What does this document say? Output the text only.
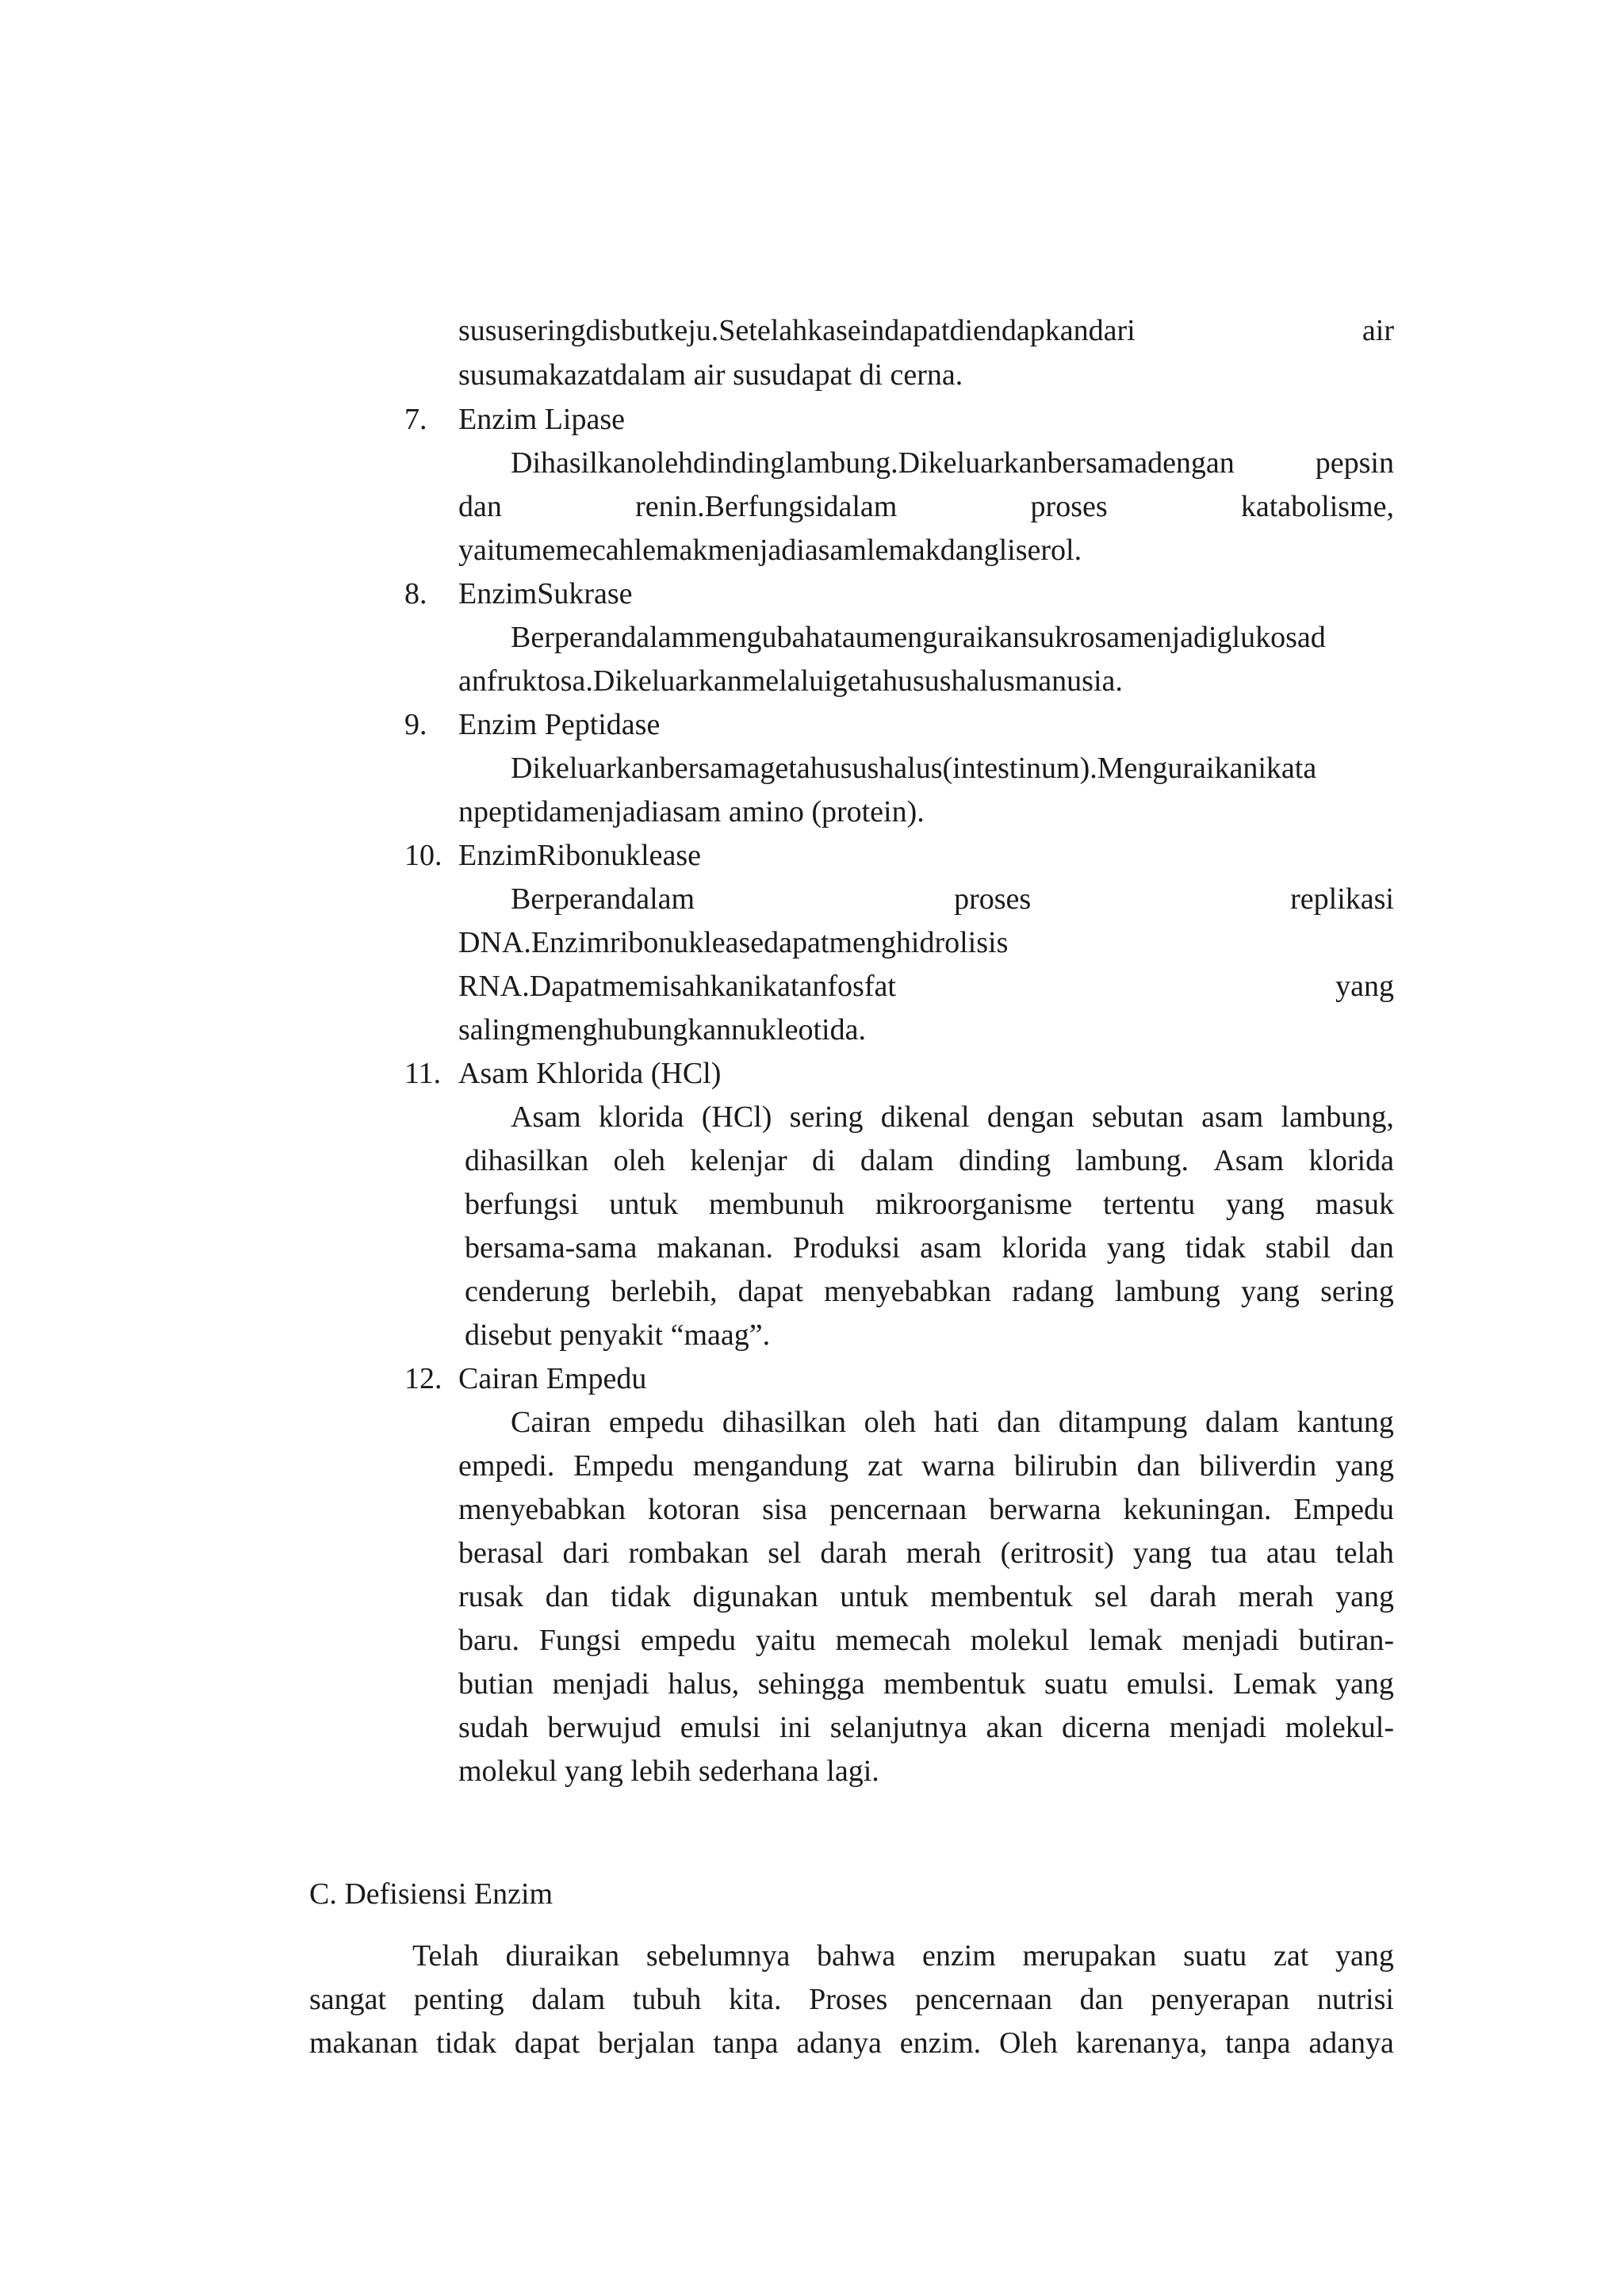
sususeringdisbutkeju.Setelahkaseindapatdiendapkandari	air
susumakazatdalam air susudapat di cerna.
7. Enzim Lipase
Dihasilkanolehdindinglambung.Dikeluarkanbersamadengan	pepsin
dan	renin.Berfungsidalam	proses	katabolisme,
yaitumemecahlemakmenjadiasamlemakdangliserol.
8. EnzimSukrase
Berperandalammengubahataumenguraikansukrosamenjadiglukosad
anfruktosa.Dikeluarkanmelaluigetahusushalusmanusia.
9. Enzim Peptidase
Dikeluarkanbersamagetahusushalus(intestinum).Menguraikanikata
npeptidamenjadiasam amino (protein).
10. EnzimRibonuklease
Berperandalam	proses	replikasi
DNA.Enzimribonukleasedapatmenghidrolisis
RNA.Dapatmemisahkanikatanfosfat	yang
salingmenghubungkannukleotida.
11. Asam Khlorida (HCl)
Asam klorida (HCl) sering dikenal dengan sebutan asam lambung,
dihasilkan oleh kelenjar di dalam dinding lambung. Asam klorida
berfungsi untuk membunuh mikroorganisme tertentu yang masuk
bersama-sama makanan. Produksi asam klorida yang tidak stabil dan
cenderung berlebih, dapat menyebabkan radang lambung yang sering
disebut penyakit “maag”.
12. Cairan Empedu
Cairan empedu dihasilkan oleh hati dan ditampung dalam kantung
empedi. Empedu mengandung zat warna bilirubin dan biliverdin yang
menyebabkan kotoran sisa pencernaan berwarna kekuningan. Empedu
berasal dari rombakan sel darah merah (eritrosit) yang tua atau telah
rusak dan tidak digunakan untuk membentuk sel darah merah yang
baru. Fungsi empedu yaitu memecah molekul lemak menjadi butiran-
butian menjadi halus, sehingga membentuk suatu emulsi. Lemak yang
sudah berwujud emulsi ini selanjutnya akan dicerna menjadi molekul-
molekul yang lebih sederhana lagi.
C. Defisiensi Enzim
Telah diuraikan sebelumnya bahwa enzim merupakan suatu zat yang
sangat penting dalam tubuh kita. Proses pencernaan dan penyerapan nutrisi
makanan tidak dapat berjalan tanpa adanya enzim. Oleh karenanya, tanpa adanya
